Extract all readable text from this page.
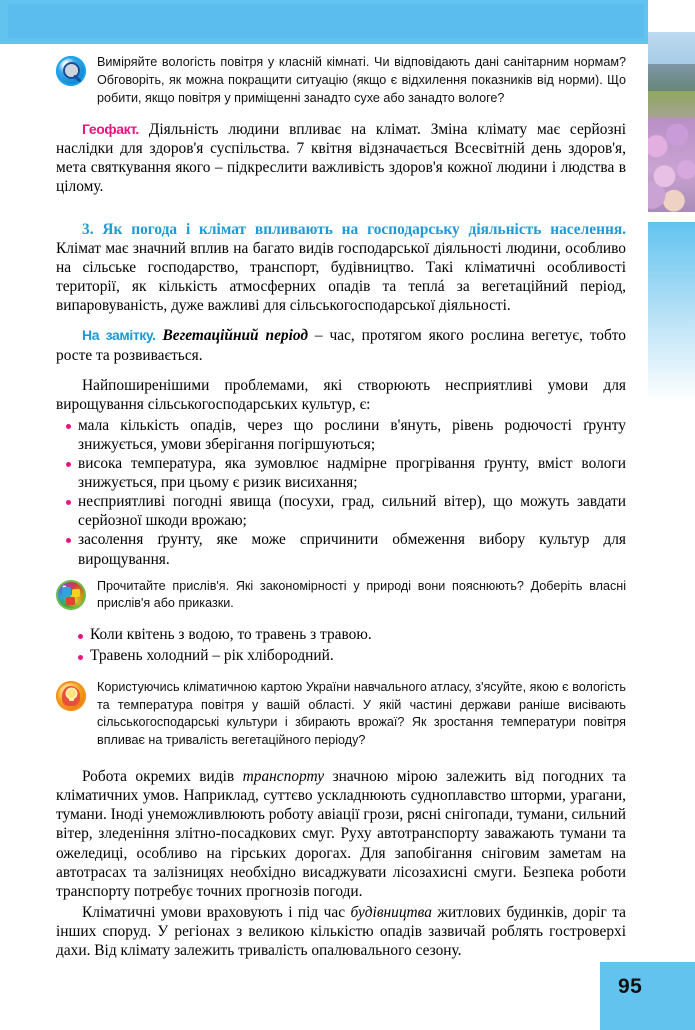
95
Виміряйте вологість повітря у класній кімнаті. Чи відповідають дані санітарним нормам? Обговоріть, як можна покращити ситуацію (якщо є відхилення показників від норми). Що робити, якщо повітря у приміщенні занадто сухе або занадто вологе?

Геофакт. Діяльність людини впливає на клімат. Зміна клімату має серйозні наслідки для здоров'я суспільства. 7 квітня відзначається Всесвітній день здоров'я, мета святкування якого – підкреслити важливість здоров'я кожної людини і людства в цілому.

3. Як погода і клімат впливають на господарську діяльність населення. Клімат має значний вплив на багато видів господарської діяльності людини, особливо на сільське господарство, транспорт, будівництво. Такі кліматичні особливості території, як кількість атмосферних опадів та теплá за вегетаційний період, випаровуваність, дуже важливі для сільськогосподарської діяльності.

На замітку. Вегетаційний період – час, протягом якого рослина вегетує, тобто росте та розвивається.

Найпоширенішими проблемами, які створюють несприятливі умови для вирощування сільськогосподарських культур, є:

мала кількість опадів, через що рослини в'януть, рівень родючості ґрунту знижується, умови зберігання погіршуються;
висока температура, яка зумовлює надмірне прогрівання ґрунту, вміст вологи знижується, при цьому є ризик висихання;
несприятливі погодні явища (посухи, град, сильний вітер), що можуть завдати серйозної шкоди врожаю;
засолення ґрунту, яке може спричинити обмеження вибору культур для вирощування.
Прочитайте прислів'я. Які закономірності у природі вони пояснюють? Доберіть власні прислів'я або приказки.
Коли квітень з водою, то травень з травою.
Травень холодний – рік хлібородний.
Користуючись кліматичною картою України навчального атласу, з'ясуйте, якою є вологість та температура повітря у вашій області. У якій частині держави раніше висівають сільськогосподарські культури і збирають врожаї? Як зростання температури повітря впливає на тривалість вегетаційного періоду?

Робота окремих видів транспорту значною мірою залежить від погодних та кліматичних умов. Наприклад, суттєво ускладнюють судноплавство шторми, урагани, тумани. Іноді унеможливлюють роботу авіації грози, рясні снігопади, тумани, сильний вітер, зледеніння злітно-посадкових смуг. Руху автотранспорту заважають тумани та ожеледиці, особливо на гірських дорогах. Для запобігання сніговим заметам на автотрасах та залізницях необхідно висаджувати лісозахисні смуги. Безпека роботи транспорту потребує точних прогнозів погоди.

Кліматичні умови враховують і під час будівництва житлових будинків, доріг та інших споруд. У регіонах з великою кількістю опадів зазвичай роблять гостроверхі дахи. Від клімату залежить тривалість опалювального сезону.
